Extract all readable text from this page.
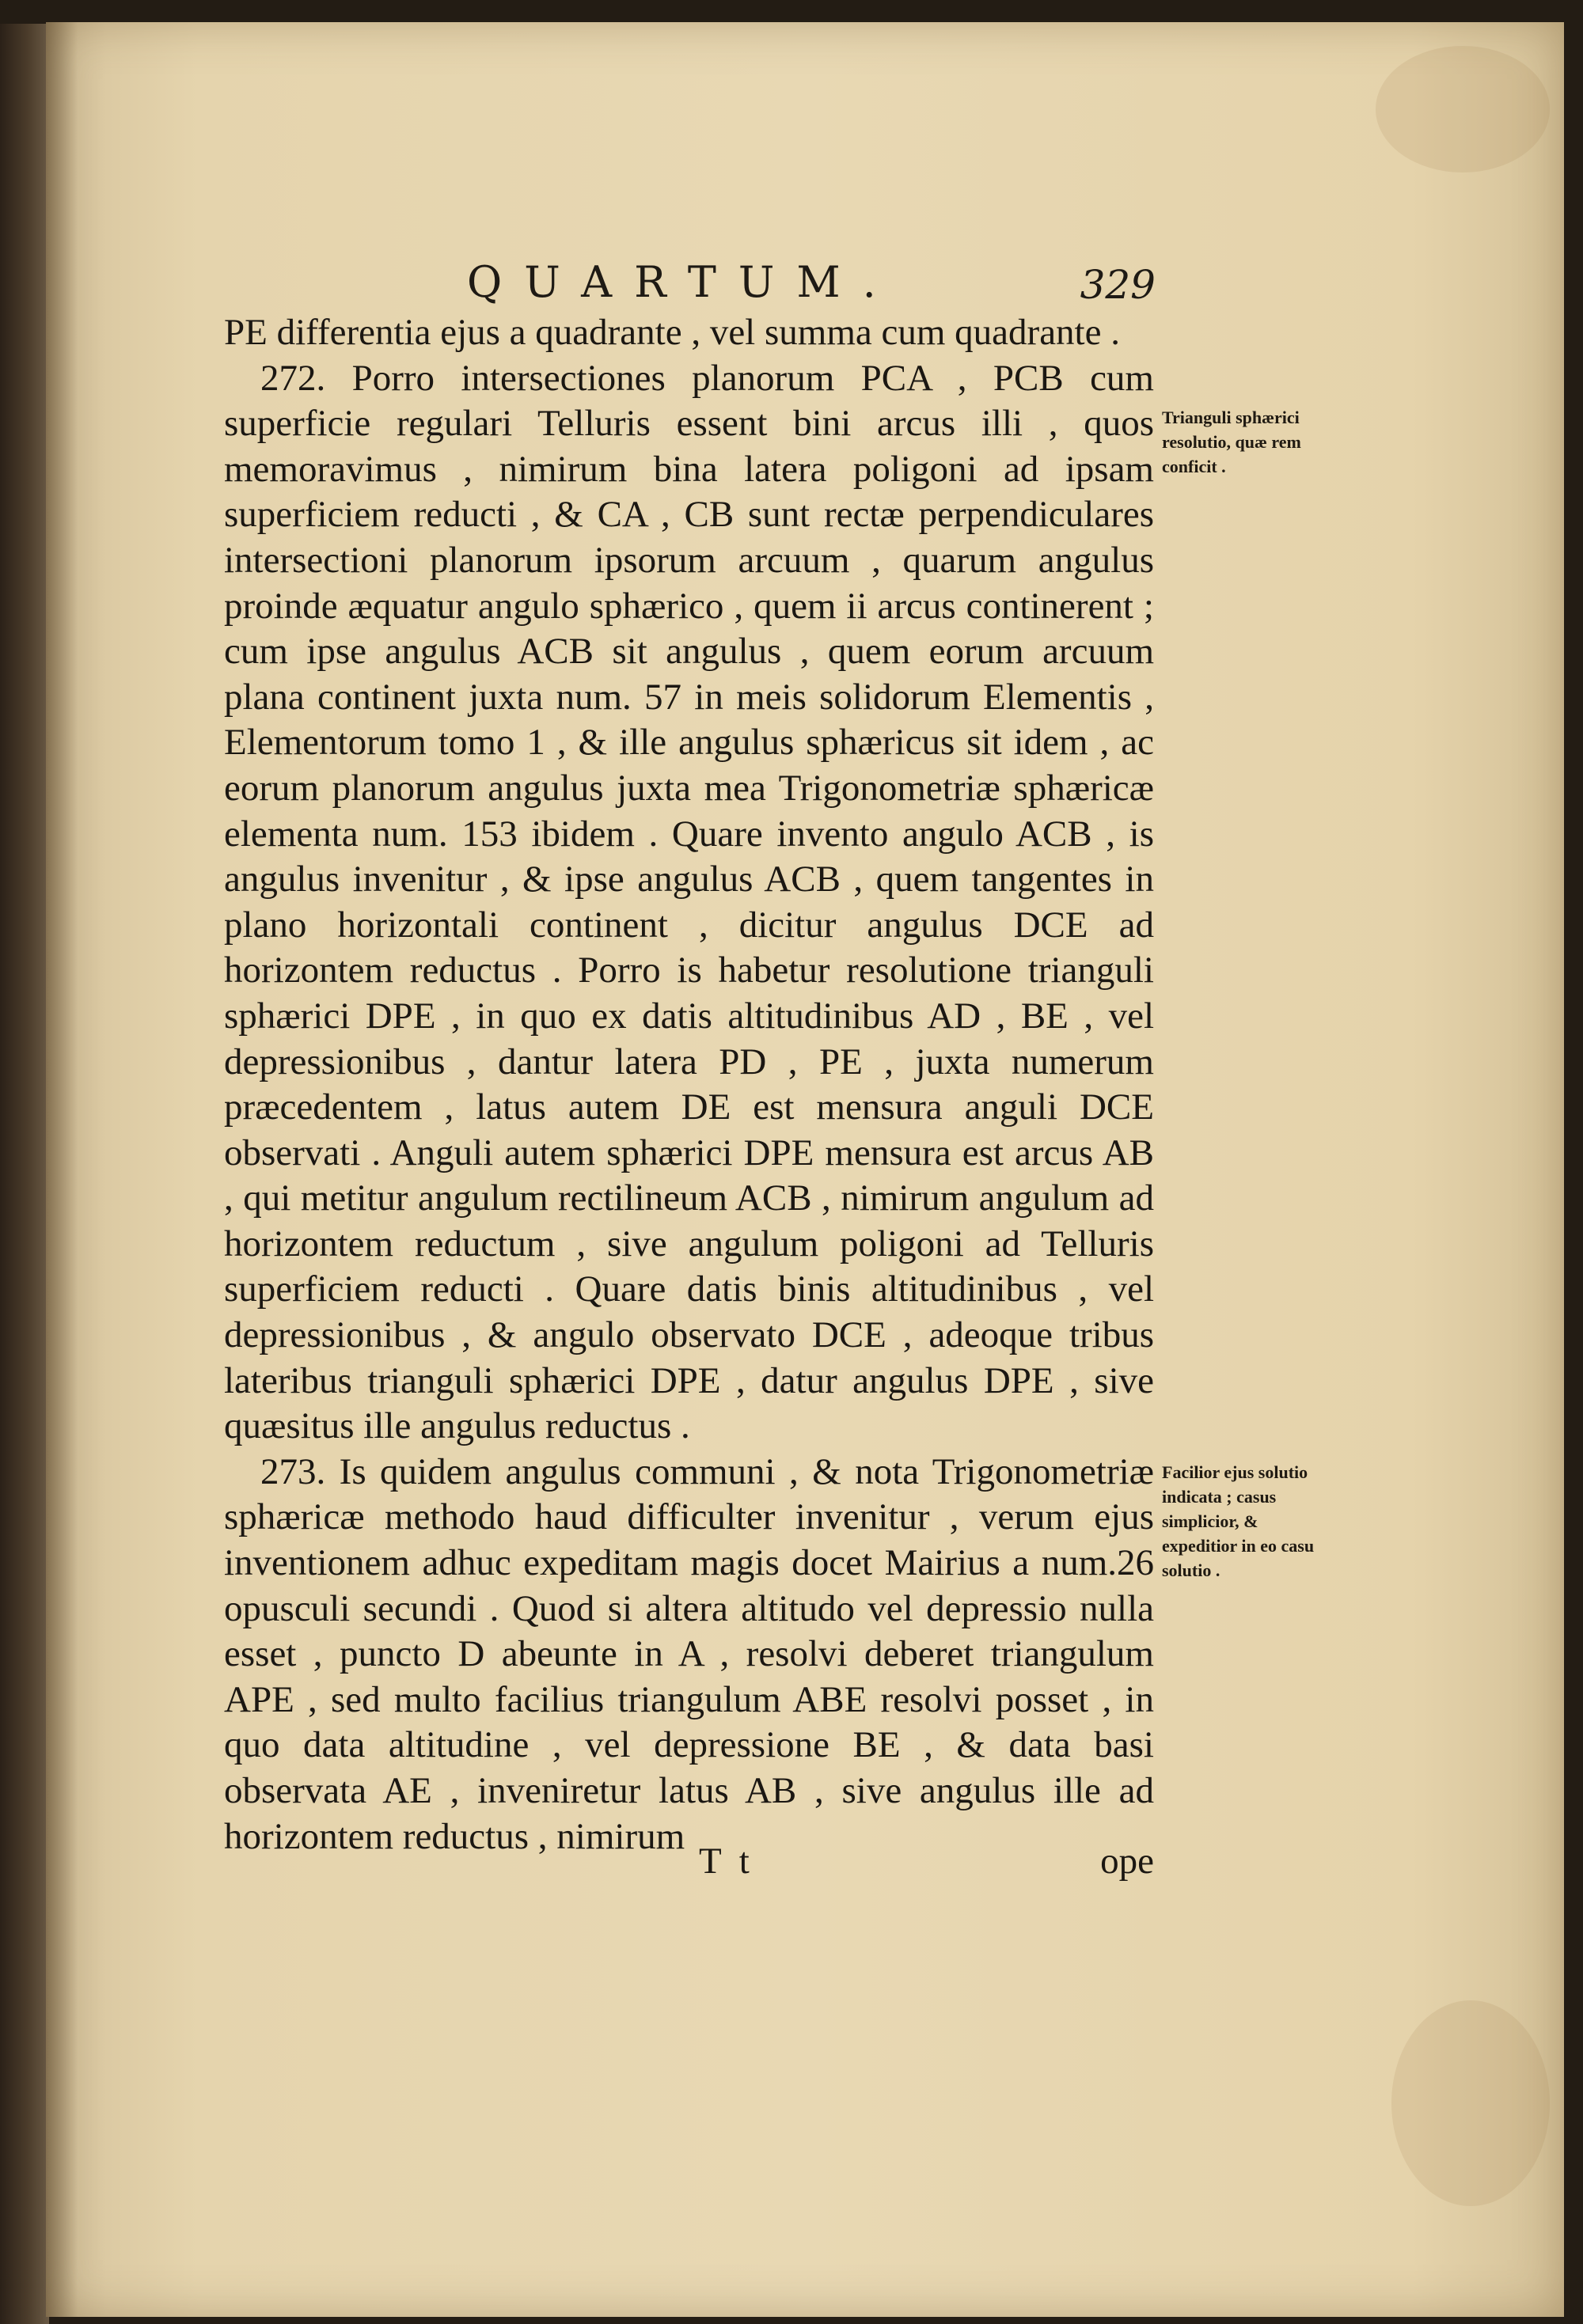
QUARTUM.	329

PE differentia ejus a quadrante , vel summa cum quadrante .

272. Porro intersectiones planorum PCA , PCB cum superficie regulari Telluris essent bini arcus illi , quos memoravimus , nimirum bina latera poligoni ad ipsam superficiem reducti , & CA , CB sunt rectæ perpendiculares intersectioni planorum ipsorum arcuum , quarum angulus proinde æquatur angulo sphærico , quem ii arcus continerent ; cum ipse angulus ACB sit angulus , quem eorum arcuum plana continent juxta num. 57 in meis solidorum Elementis , Elementorum tomo 1 , & ille angulus sphæricus sit idem , ac eorum planorum angulus juxta mea Trigonometriæ sphæricæ elementa num. 153 ibidem . Quare invento angulo ACB , is angulus invenitur , & ipse angulus ACB , quem tangentes in plano horizontali continent , dicitur angulus DCE ad horizontem reductus . Porro is habetur resolutione trianguli sphærici DPE , in quo ex datis altitudinibus AD , BE , vel depressionibus , dantur latera PD , PE , juxta numerum præcedentem , latus autem DE est mensura anguli DCE observati . Anguli autem sphærici DPE mensura est arcus AB , qui metitur angulum rectilineum ACB , nimirum angulum ad horizontem reductum , sive angulum poligoni ad Telluris superficiem reducti . Quare datis binis altitudinibus , vel depressionibus , & angulo observato DCE , adeoque tribus lateribus trianguli sphærici DPE , datur angulus DPE , sive quæsitus ille angulus reductus .

273. Is quidem angulus communi , & nota Trigonometriæ sphæricæ methodo haud difficulter invenitur , verum ejus inventionem adhuc expeditam magis docet Mairius a num.26 opusculi secundi . Quod si altera altitudo vel depressio nulla esset , puncto D abeunte in A , resolvi deberet triangulum APE , sed multo facilius triangulum ABE resolvi posset , in quo data altitudine , vel depressione BE , & data basi observata AE , inveniretur latus AB , sive angulus ille ad horizontem reductus , nimirum

Trianguli sphærici resolutio, quæ rem conficit .
Facilior ejus solutio indicata ; casus simplicior, & expeditior in eo casu solutio .
Tt	ope
